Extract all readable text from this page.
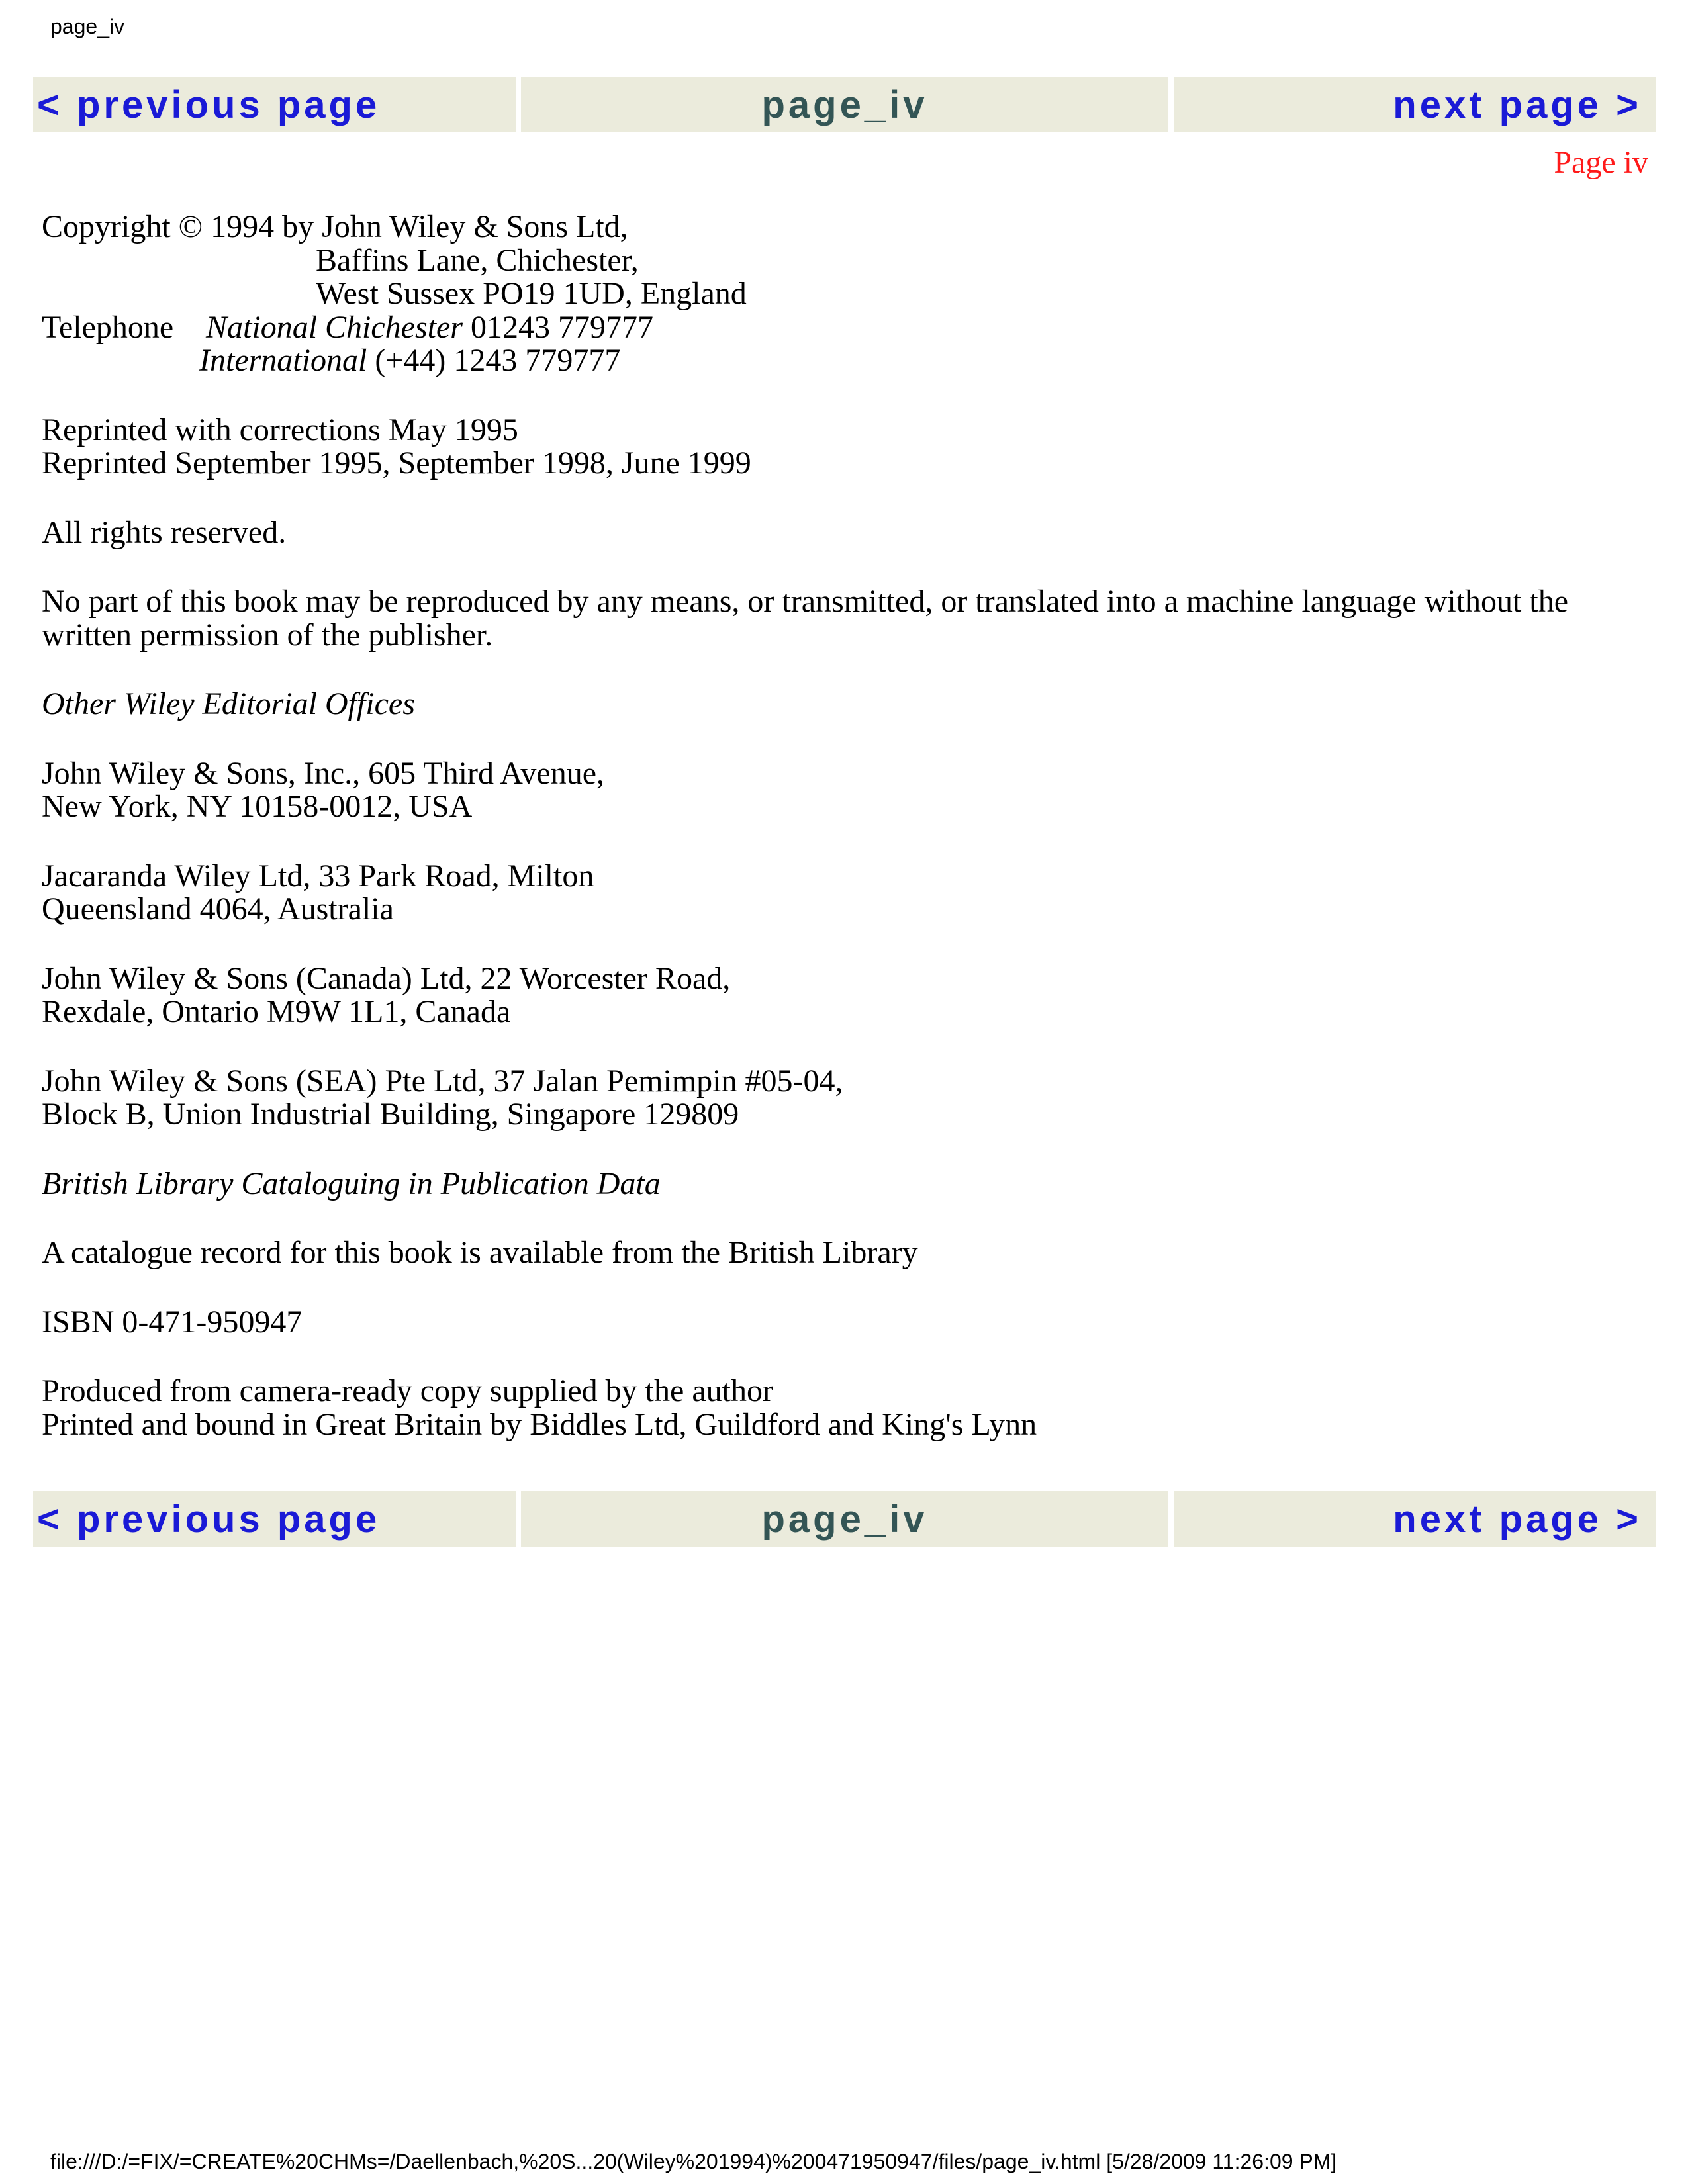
page_iv
< previous page	page_iv	next page >
Page iv

Copyright © 1994 by John Wiley & Sons Ltd,

Baffins Lane, Chichester,
West Sussex PO19 1UD, England
Telephone National Chichester 01243 779777

International (+44) 1243 779777

Reprinted with corrections May 1995
Reprinted September 1995, September 1998, June 1999

All rights reserved.

No part of this book may be reproduced by any means, or transmitted, or translated into a machine language without the written permission of the publisher.

Other Wiley Editorial Offices

John Wiley & Sons, Inc., 605 Third Avenue,
New York, NY 10158-0012, USA

Jacaranda Wiley Ltd, 33 Park Road, Milton
Queensland 4064, Australia

John Wiley & Sons (Canada) Ltd, 22 Worcester Road,
Rexdale, Ontario M9W 1L1, Canada

John Wiley & Sons (SEA) Pte Ltd, 37 Jalan Pemimpin #05-04,
Block B, Union Industrial Building, Singapore 129809

British Library Cataloguing in Publication Data

A catalogue record for this book is available from the British Library

ISBN 0-471-950947

Produced from camera-ready copy supplied by the author
Printed and bound in Great Britain by Biddles Ltd, Guildford and King's Lynn

< previous page	page_iv	next page >
file:///D:/=FIX/=CREATE%20CHMs=/Daellenbach,%20S...20(Wiley%201994)%200471950947/files/page_iv.html [5/28/2009 11:26:09 PM]
